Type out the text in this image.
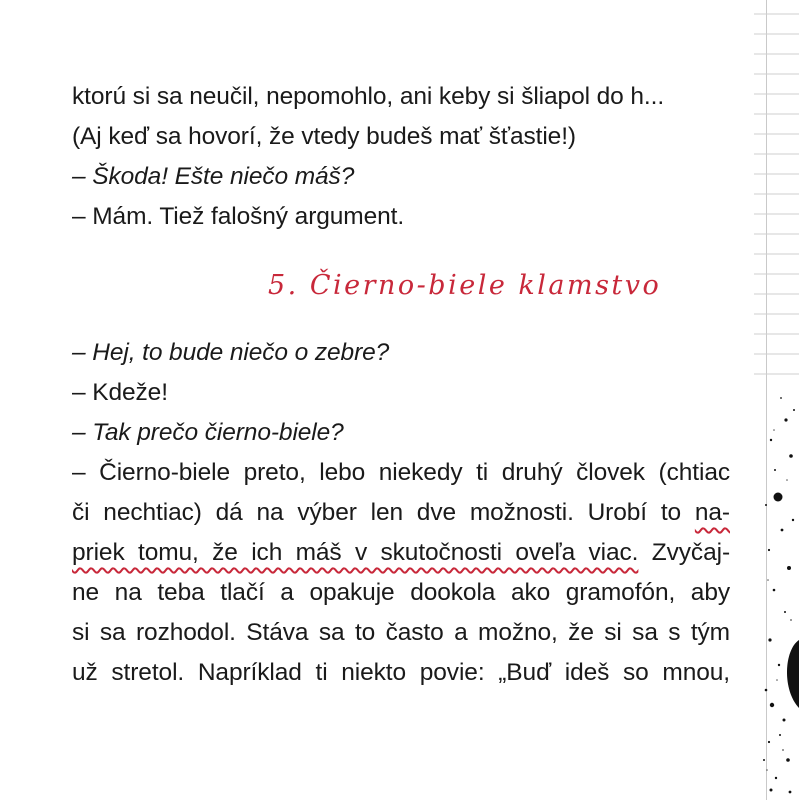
ktorú si sa neučil, nepomohlo, ani keby si šliapol do h...
(Aj keď sa hovorí, že vtedy budeš mať šťastie!)
– Škoda! Ešte niečo máš?
– Mám. Tiež falošný argument.
5. Čierno-biele klamstvo
– Hej, to bude niečo o zebre?
– Kdeže!
– Tak prečo čierno-biele?
– Čierno-biele preto, lebo niekedy ti druhý človek (chtiac
či nechtiac) dá na výber len dve možnosti. Urobí to na-
priek tomu, že ich máš v skutočnosti oveľa viac. Zvyčaj-
ne na teba tlačí a opakuje dookola ako gramofón, aby
si sa rozhodol. Stáva sa to často a možno, že si sa s tým
už stretol. Napríklad ti niekto povie: „Buď ideš so mnou,
